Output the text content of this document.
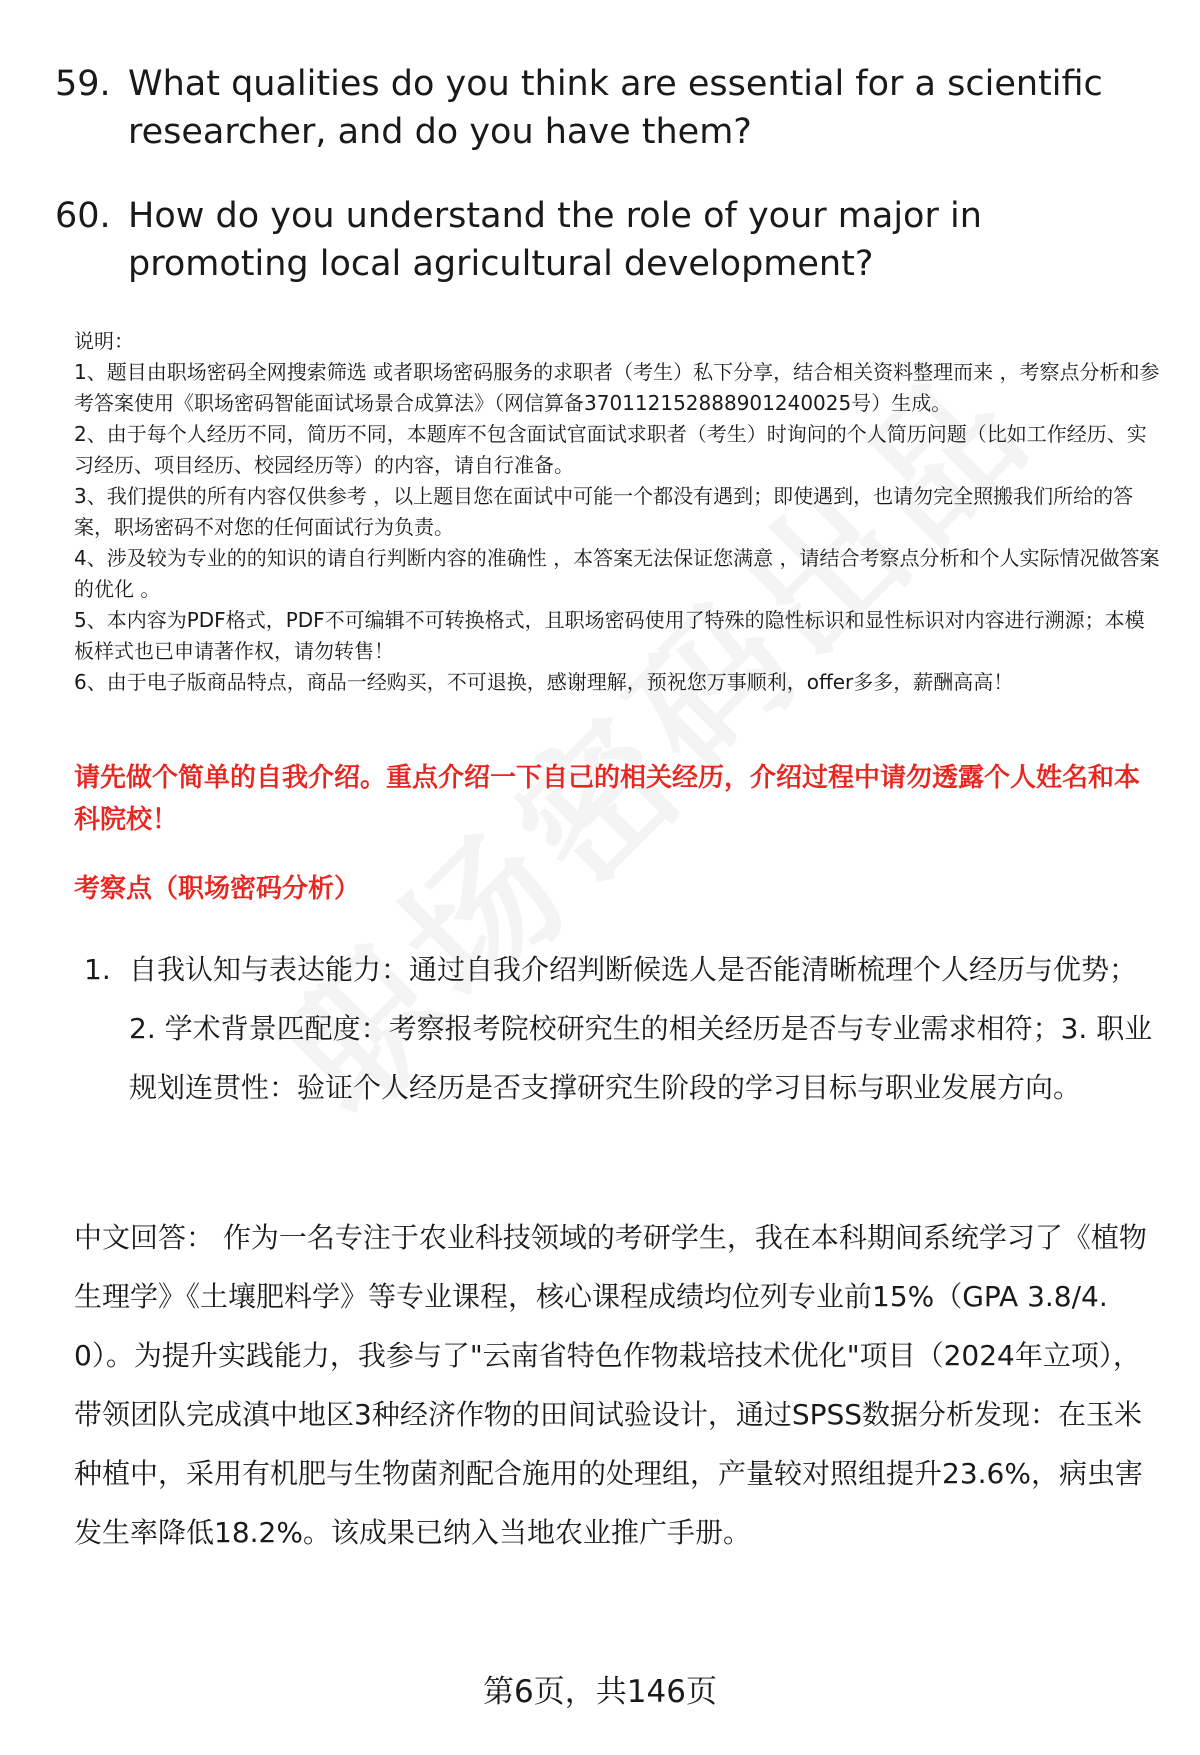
59. What qualities do you think are essential for a scientific researcher, and do you have them?
60. How do you understand the role of your major in promoting local agricultural development?

说明：

1、题目由职场密码全网搜索筛选 或者职场密码服务的求职者（考生）私下分享，结合相关资料整理而来 ，考察点分析和参考答案使用《职场密码智能面试场景合成算法》（网信算备370112152888901240025号）生成。

2、由于每个人经历不同，简历不同，本题库不包含面试官面试求职者（考生）时询问的个人简历问题（比如工作经历、实习经历、项目经历、校园经历等）的内容，请自行准备。

3、我们提供的所有内容仅供参考 ，以上题目您在面试中可能一个都没有遇到；即使遇到，也请勿完全照搬我们所给的答案，职场密码不对您的任何面试行为负责。

4、涉及较为专业的的知识的请自行判断内容的准确性 ，本答案无法保证您满意 ，请结合考察点分析和个人实际情况做答案的优化 。

5、本内容为PDF格式，PDF不可编辑不可转换格式，且职场密码使用了特殊的隐性标识和显性标识对内容进行溯源；本模板样式也已申请著作权，请勿转售！

6、由于电子版商品特点，商品一经购买，不可退换，感谢理解，预祝您万事顺利，offer多多，薪酬高高！

请先做个简单的自我介绍。重点介绍一下自己的相关经历，介绍过程中请勿透露个人姓名和本科院校！
考察点（职场密码分析）
1. 自我认知与表达能力：通过自我介绍判断候选人是否能清晰梳理个人经历与优势；2. 学术背景匹配度：考察报考院校研究生的相关经历是否与专业需求相符；3. 职业规划连贯性：验证个人经历是否支撑研究生阶段的学习目标与职业发展方向。
中文回答： 作为一名专注于农业科技领域的考研学生，我在本科期间系统学习了《植物生理学》《土壤肥料学》等专业课程，核心课程成绩均位列专业前15%（GPA 3.8/4.0）。为提升实践能力，我参与了"云南省特色作物栽培技术优化"项目（2024年立项），带领团队完成滇中地区3种经济作物的田间试验设计，通过SPSS数据分析发现：在玉米种植中，采用有机肥与生物菌剂配合施用的处理组，产量较对照组提升23.6%，病虫害发生率降低18.2%。该成果已纳入当地农业推广手册。
第6页，共146页
